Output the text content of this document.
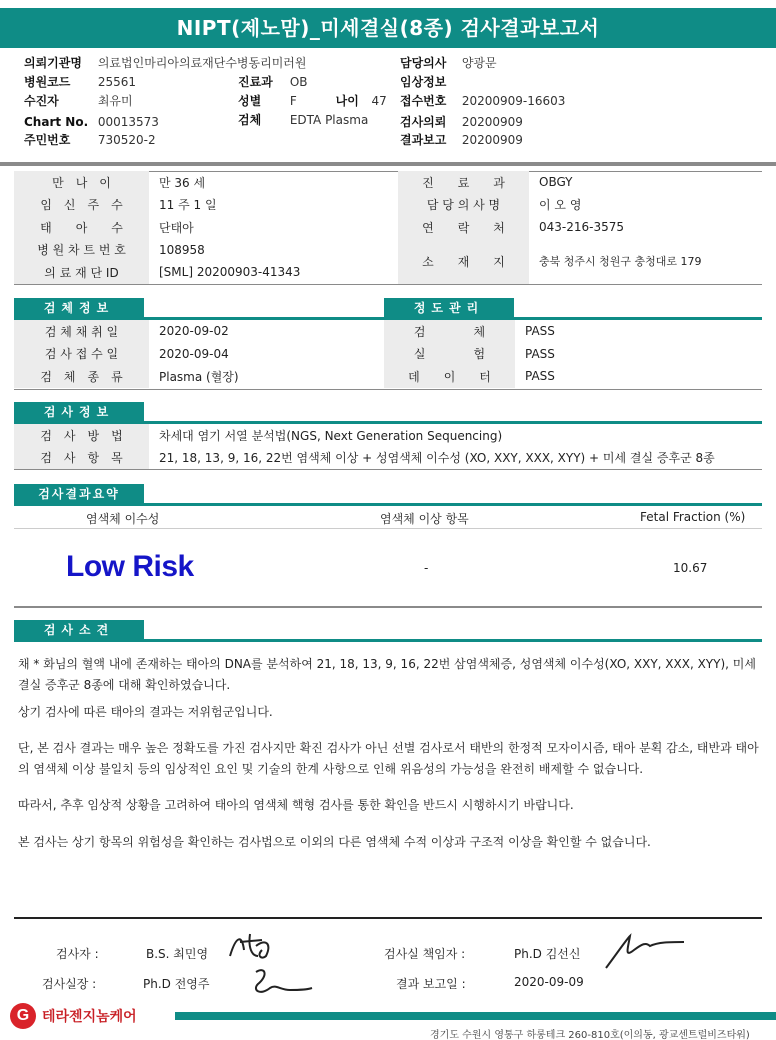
NIPT(제노맘)_미세결실(8종) 검사결과보고서
의뢰기관명 의료법인마리아의료재단수병동리미러원
병원코드 25561
수진자	최유미
Chart No. 00013573
주민번호 730520-2
진료과 OB
성별 F	나이 47
검체 EDTA Plasma
담당의사 양광문
임상정보
접수번호 20200909-16603
검사의뢰 20200909
결과보고 20200909
만　나　이	만 36 세		진　　료　　과	OBGY
임　신　주　수	11 주 1 일		담 당 의 사 명	이 오 영
태　　아　　수	단태아		연　　락　　처	043-216-3575
병 원 차 트 번 호	108958		소　　재　　지	충북 청주시 청원구 충청대로 179
의 료 재 단 ID	[SML] 20200903-41343			
검체정보	정도관리
검 체 채 취 일	2020-09-02	검　　　　체	PASS
검 사 접 수 일	2020-09-04	실　　　　험	PASS
검　체　종　류	Plasma (혈장)	데　　이　　터	PASS
검사정보
검　사　방　법	차세대 염기 서열 분석법(NGS, Next Generation Sequencing)
검　사　항　목	21, 18, 13, 9, 16, 22번 염색체 이상 + 성염색체 이수성 (XO, XXY, XXX, XYY) + 미세 결실 증후군 8종
검사결과요약
염색체 이수성	염색체 이상 항목	Fetal Fraction (%)
Low Risk	-	10.67
검사소견
채 * 화님의 혈액 내에 존재하는 태아의 DNA를 분석하여 21, 18, 13, 9, 16, 22번 삼염색체증, 성염색체 이수성(XO, XXY, XXX, XYY), 미세 결실 증후군 8종에 대해 확인하였습니다.
상기 검사에 따른 태아의 결과는 저위험군입니다.
단, 본 검사 결과는 매우 높은 정확도를 가진 검사지만 확진 검사가 아닌 선별 검사로서 태반의 한정적 모자이시즘, 태아 분획 감소, 태반과 태아의 염색체 이상 불일치 등의 임상적인 요인 및 기술의 한계 사항으로 인해 위음성의 가능성을 완전히 배제할 수 없습니다.
따라서, 추후 임상적 상황을 고려하여 태아의 염색체 핵형 검사를 통한 확인을 반드시 시행하시기 바랍니다.
본 검사는 상기 항목의 위험성을 확인하는 검사법으로 이외의 다른 염색체 수적 이상과 구조적 이상을 확인할 수 없습니다.
검사자 :	B.S. 최민영	검사실 책임자 :	Ph.D 김선신
검사실장 :	Ph.D 전영주	결과 보고일 :	2020-09-09
G 테라젠지놈케어
경기도 수원시 영통구 하롱테크 260-810호(이의동, 광교센트럴비즈타워)
